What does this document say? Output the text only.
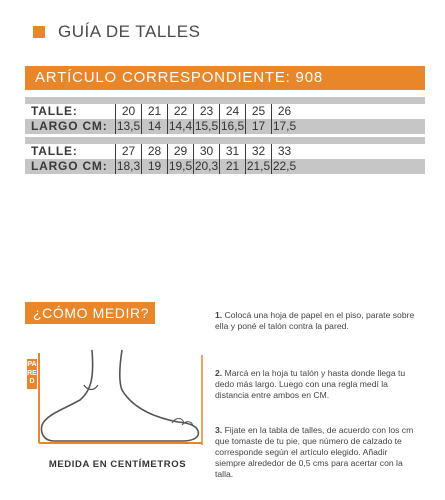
GUÍA DE TALLES
ARTÍCULO CORRESPONDIENTE: 908
TALLE:	20	21	22	23	24	25	26
LARGO CM: 13,5 14 14,4 15,5 16,5 17 17,5
TALLE:	27	28	29	30	31	32	33
LARGO CM: 18,3 19 19,5 20,3 21 21,5 22,5
¿CÓMO MEDIR?	1. Colocá una hoja de papel en el piso, parate sobre ella y poné el talón contra la pared.
2. Marcá en la hoja tu talón y hasta donde llega tu dedo más largo. Luego con una regla medí la distancia entre ambos en CM.
3. Fijate en la tabla de talles, de acuerdo con los cm que tomaste de tu pie, que número de calzado te corresponde según el artículo elegido. Añadir siempre alrededor de 0,5 cms para acertar con la talla.
PARED
MEDIDA EN CENTÍMETROS
